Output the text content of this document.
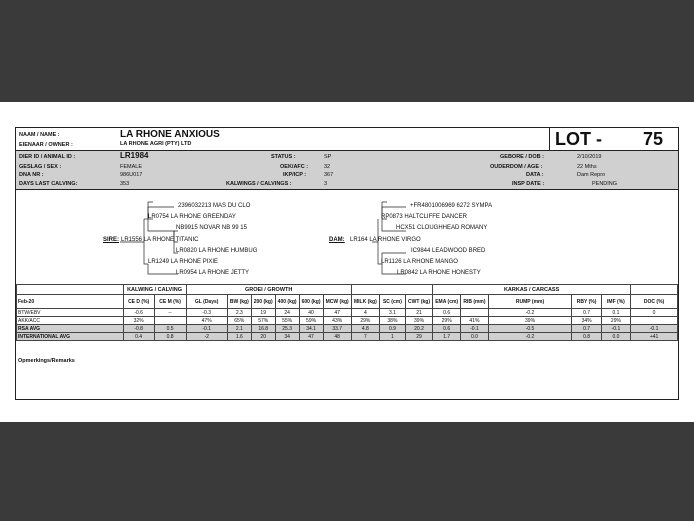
NAAM / NAME :	LA RHONE ANXIOUS
EIENAAR / OWNER :	LA RHONE AGRI (PTY) LTD	LOT - 75
DIER ID / ANIMAL ID :	LR1984
GESLAG / SEX :	FEMALE
DNA NR :	986U017
DAYS LAST CALVING:	353
STATUS :	SP
OEK/AFC :	32
IKP/ICP :	367
KALWINGS / CALVINGS :	3
GEBORE / DOB :	2/10/2019
OUDERDOM / AGE :	22 Mths
DATA :	Dam Repro
INSP DATE :	PENDING
2396032213 MAS DU CLO
LR0754 LA RHONE GREENDAY
NB9915 NOVAR NB 99 15
SIRE: LR1556 LA RHONE TITANIC
LR0820 LA RHONE HUMBUG
LR1249 LA RHONE PIXIE
LR0954 LA RHONE JETTY
+FR4801006969 6272 SYMPA
RP0873 HALTCLIFFE DANCER
HCX51 CLOUGHHEAD ROMANY
DAM: LR164 LA RHONE VIRGO
IC9844 LEADWOOD BRED
LR1126 LA RHONE MANGO
LR0842 LA RHONE HONESTY
	KALWING / CALVING		GROEI / GROWTH									KARKAS / CARCASS					
Feb-20	CE D (%)	CE M (%)	GL (Days)	BW (kg)	200 (kg)	400 (kg)	600 (kg)	MCW (kg)	MILK (kg)	SC (cm)	CWT (kg)	EMA (cm)	RIB (mm)	RUMP (mm)	RBY (%)	IMF (%)	DOC (%)
BTW/EBV	-0.6	--	-0.3	2.3	19	24	40	47	4	3.1	21	0.6		-0.2	0.7	0.1	0
AKK/ACC	32%		47%	65%	57%	55%	59%	43%	29%	38%	39%	29%	41%	39%	34%	29%	
RSA AVG	-0.8	0.5	-0.1	2.1	16.8	25.3	34.1	33.7	4.8	0.9	20.2	0.6	-0.1	-0.5	0.7	-0.1	-0.1
INTERNATIONAL AVG	0.4	0.8	-2	1.6	20	34	47	48	7	1	29	1.7	0.0	-0.2	0.8	0.0	+41
Opmerkings/Remarks
